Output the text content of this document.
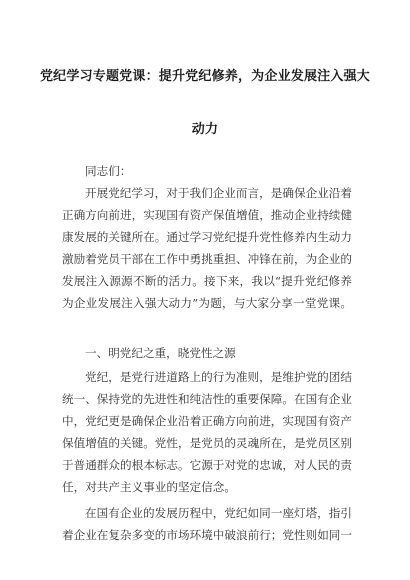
党纪学习专题党课：提升党纪修养，为企业发展注入强大
动力
同志们：
开展党纪学习，对于我们企业而言，是确保企业沿着
正确方向前进，实现国有资产保值增值，推动企业持续健
康发展的关键所在。通过学习党纪提升党性修养内生动力
激励着党员干部在工作中勇挑重担、冲锋在前，为企业的
发展注入源源不断的活力。接下来，我以“提升党纪修养
为企业发展注入强大动力”为题，与大家分享一堂党课。
一、明党纪之重，晓党性之源
党纪，是党行进道路上的行为准则，是维护党的团结
统一、保持党的先进性和纯洁性的重要保障。在国有企业
中，党纪更是确保企业沿着正确方向前进，实现国有资产
保值增值的关键。党性，是党员的灵魂所在，是党员区别
于普通群众的根本标志。它源于对党的忠诚，对人民的责
任，对共产主义事业的坚定信念。
在国有企业的发展历程中，党纪如同一座灯塔，指引
着企业在复杂多变的市场环境中破浪前行；党性则如同一
